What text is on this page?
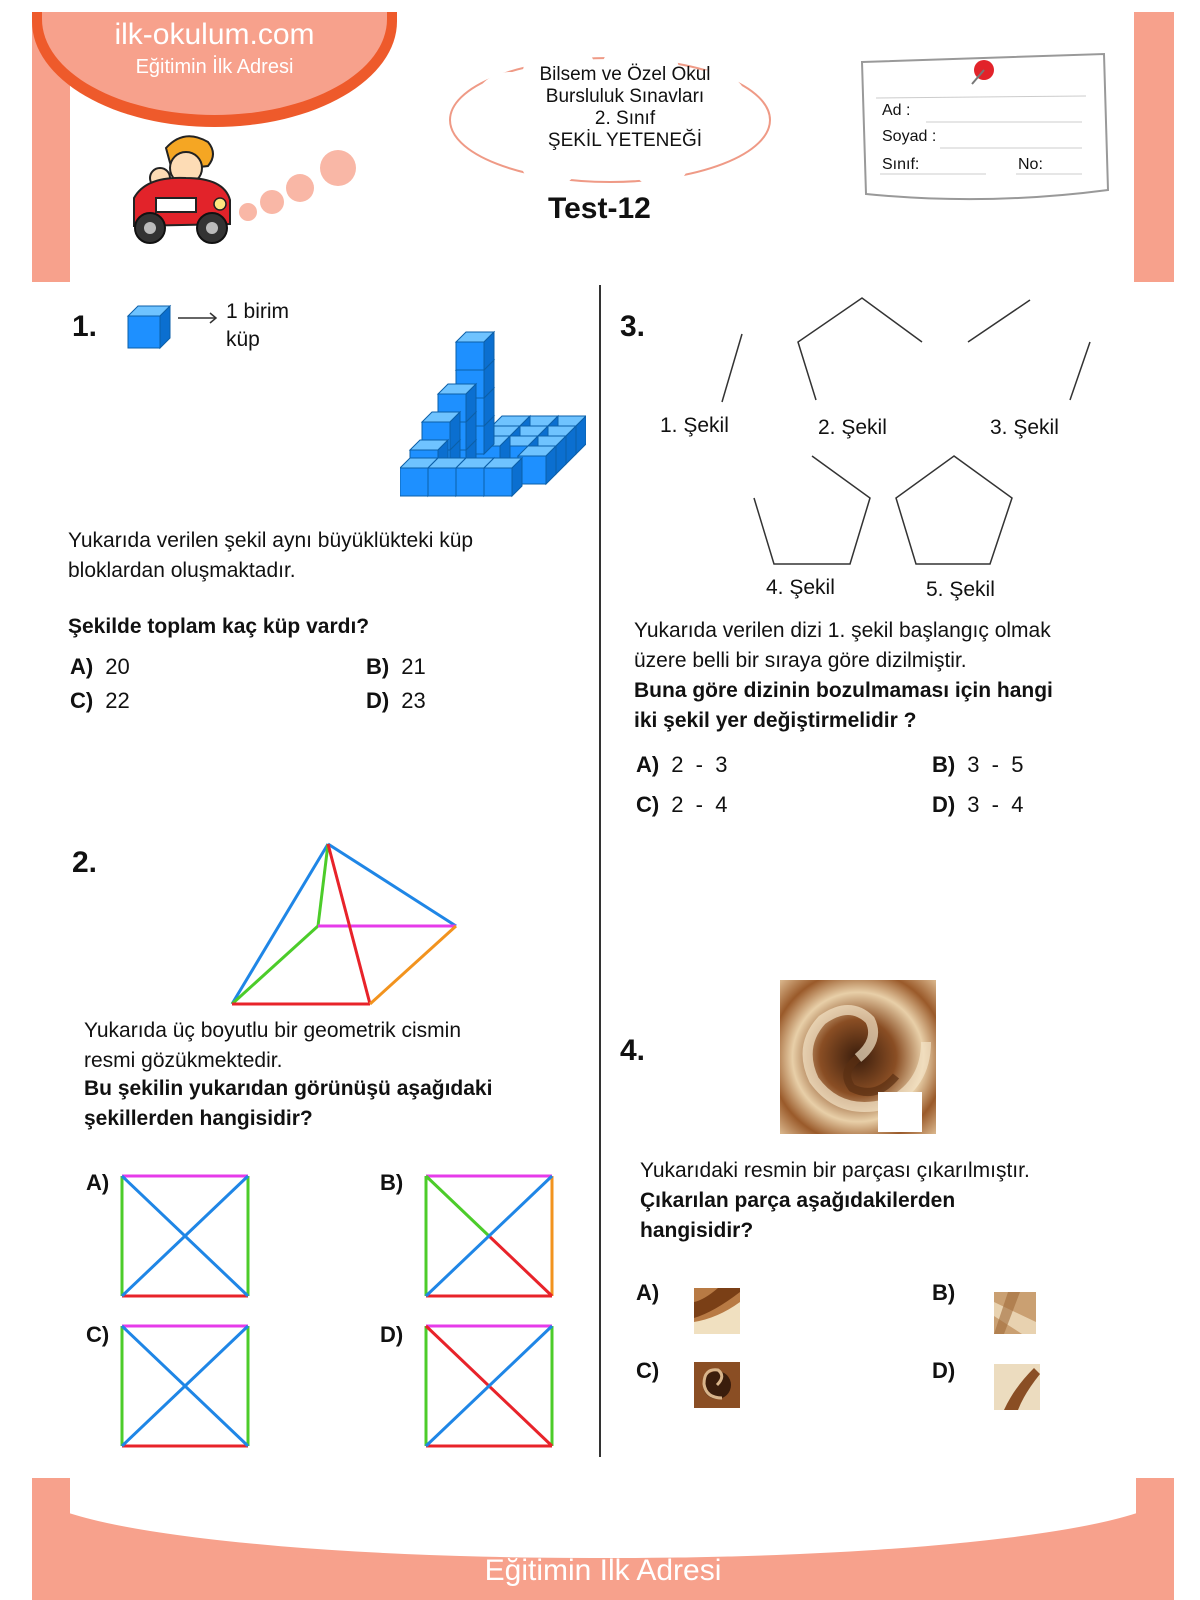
ilk-okulum.com
Eğitimin İlk Adresi	Bilsem ve Özel Okul
Bursluluk Sınavları
2. Sınıf
ŞEKİL YETENEĞİ
Test-12
Ad :
Soyad :
Sınıf:	No:
1.	1 birim
küp
Yukarıda verilen şekil aynı büyüklükteki küp
bloklardan oluşmaktadır.
Şekilde toplam kaç küp vardı?
A) 20	B) 21
C) 22	D) 23
2.
Yukarıda üç boyutlu bir geometrik cismin
resmi gözükmektedir.
Bu şekilin yukarıdan görünüşü aşağıdaki
şekillerden hangisidir?
A)	B)
C)	D)
3.
1. Şekil	2. Şekil	3. Şekil
4. Şekil	5. Şekil
Yukarıda verilen dizi 1. şekil başlangıç olmak
üzere belli bir sıraya göre dizilmiştir.
Buna göre dizinin bozulmaması için hangi
iki şekil yer değiştirmelidir ?
A) 2  -  3	B) 3  -  5
C) 2  -  4	D) 3  -  4
4.
Yukarıdaki resmin bir parçası çıkarılmıştır.
Çıkarılan parça aşağıdakilerden
hangisidir?
A)	B)
C)	D)
ilk-okulum.com
Eğitimin İlk Adresi
